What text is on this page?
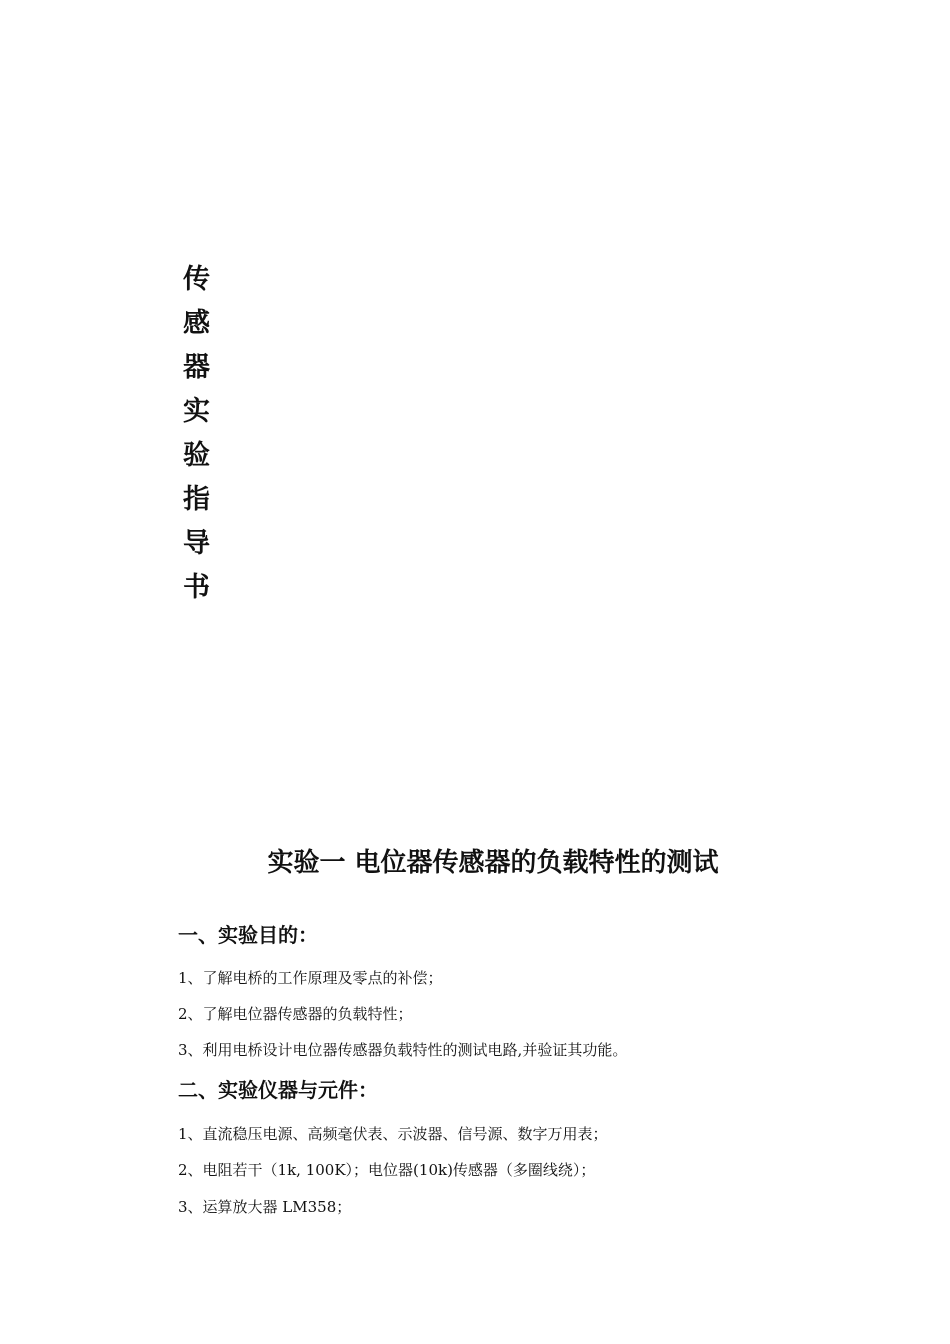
传感器实验指导书
实验一 电位器传感器的负载特性的测试
一、实验目的：
1、了解电桥的工作原理及零点的补偿；
2、了解电位器传感器的负载特性；
3、利用电桥设计电位器传感器负载特性的测试电路,并验证其功能。
二、实验仪器与元件：
1、直流稳压电源、高频毫伏表、示波器、信号源、数字万用表；
2、电阻若干（1k, 100K）；电位器(10k)传感器（多圈线绕）；
3、运算放大器 LM358；
